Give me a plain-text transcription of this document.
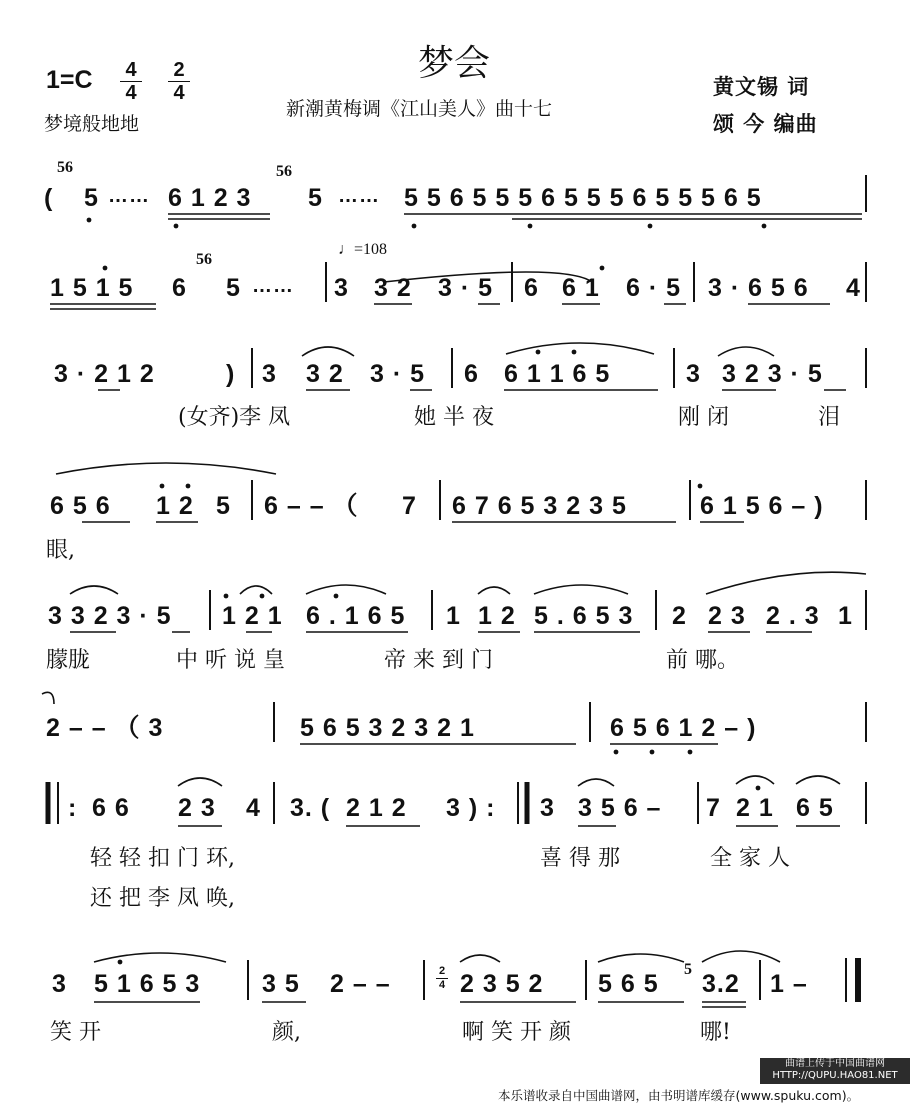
梦会
1=C 4
4
2
4
梦境般地地
新潮黄梅调《江山美人》曲十七
黄文锡 词
颂 今 编曲
(
56
5 …… 6 1 2 3
56
5 …… 5 5 6 5 5 5 6 5 5 5 6 5 5 5 6 5
♩=108
1 5 1 5 6
56
5 …… 3 3 2 3 · 5 6 6 1 6 · 5 3 · 6 5 6 4
3 · 2 1 2	) 3 3 2 3 · 5 6 6 1 1 6 5	3 3 2 3 · 5
(女齐)李 凤	她 半 夜	刚 闭	泪
6 5 6 1 2 5 6 – – （ 7 6 7 6 5 3 2 3 5	6 1 5 6 – )
眼,
3 3 2 3 · 5 1 2 1 6 . 1 6 5 1 1 2 5 . 6 5 3 2 2 3 2 . 3 1
朦胧	中 听 说 皇	帝 来 到 门	前 哪。
2 – – （ 3	5 6 5 3 2 3 2 1	6 5 6 1 2 – )
: 6 6 2 3 4 3. ( 2 1 2 3 ) : 3 3 5 6 – 7 2 1 6 5
轻 轻 扣 门 环,
还 把 李 凤 唤,
喜 得 那	全 家 人
3 5 1 6 5 3 3 5 2 – –	2 3 5 2 5 6 5
5
3.2 1 –
2
4
笑 开	颜,	啊 笑 开 颜	哪!
曲谱上传于中国曲谱网 HTTP://QUPU.HAO81.NET
本乐谱收录自中国曲谱网，由书明谱库缓存(www.spuku.com)。
